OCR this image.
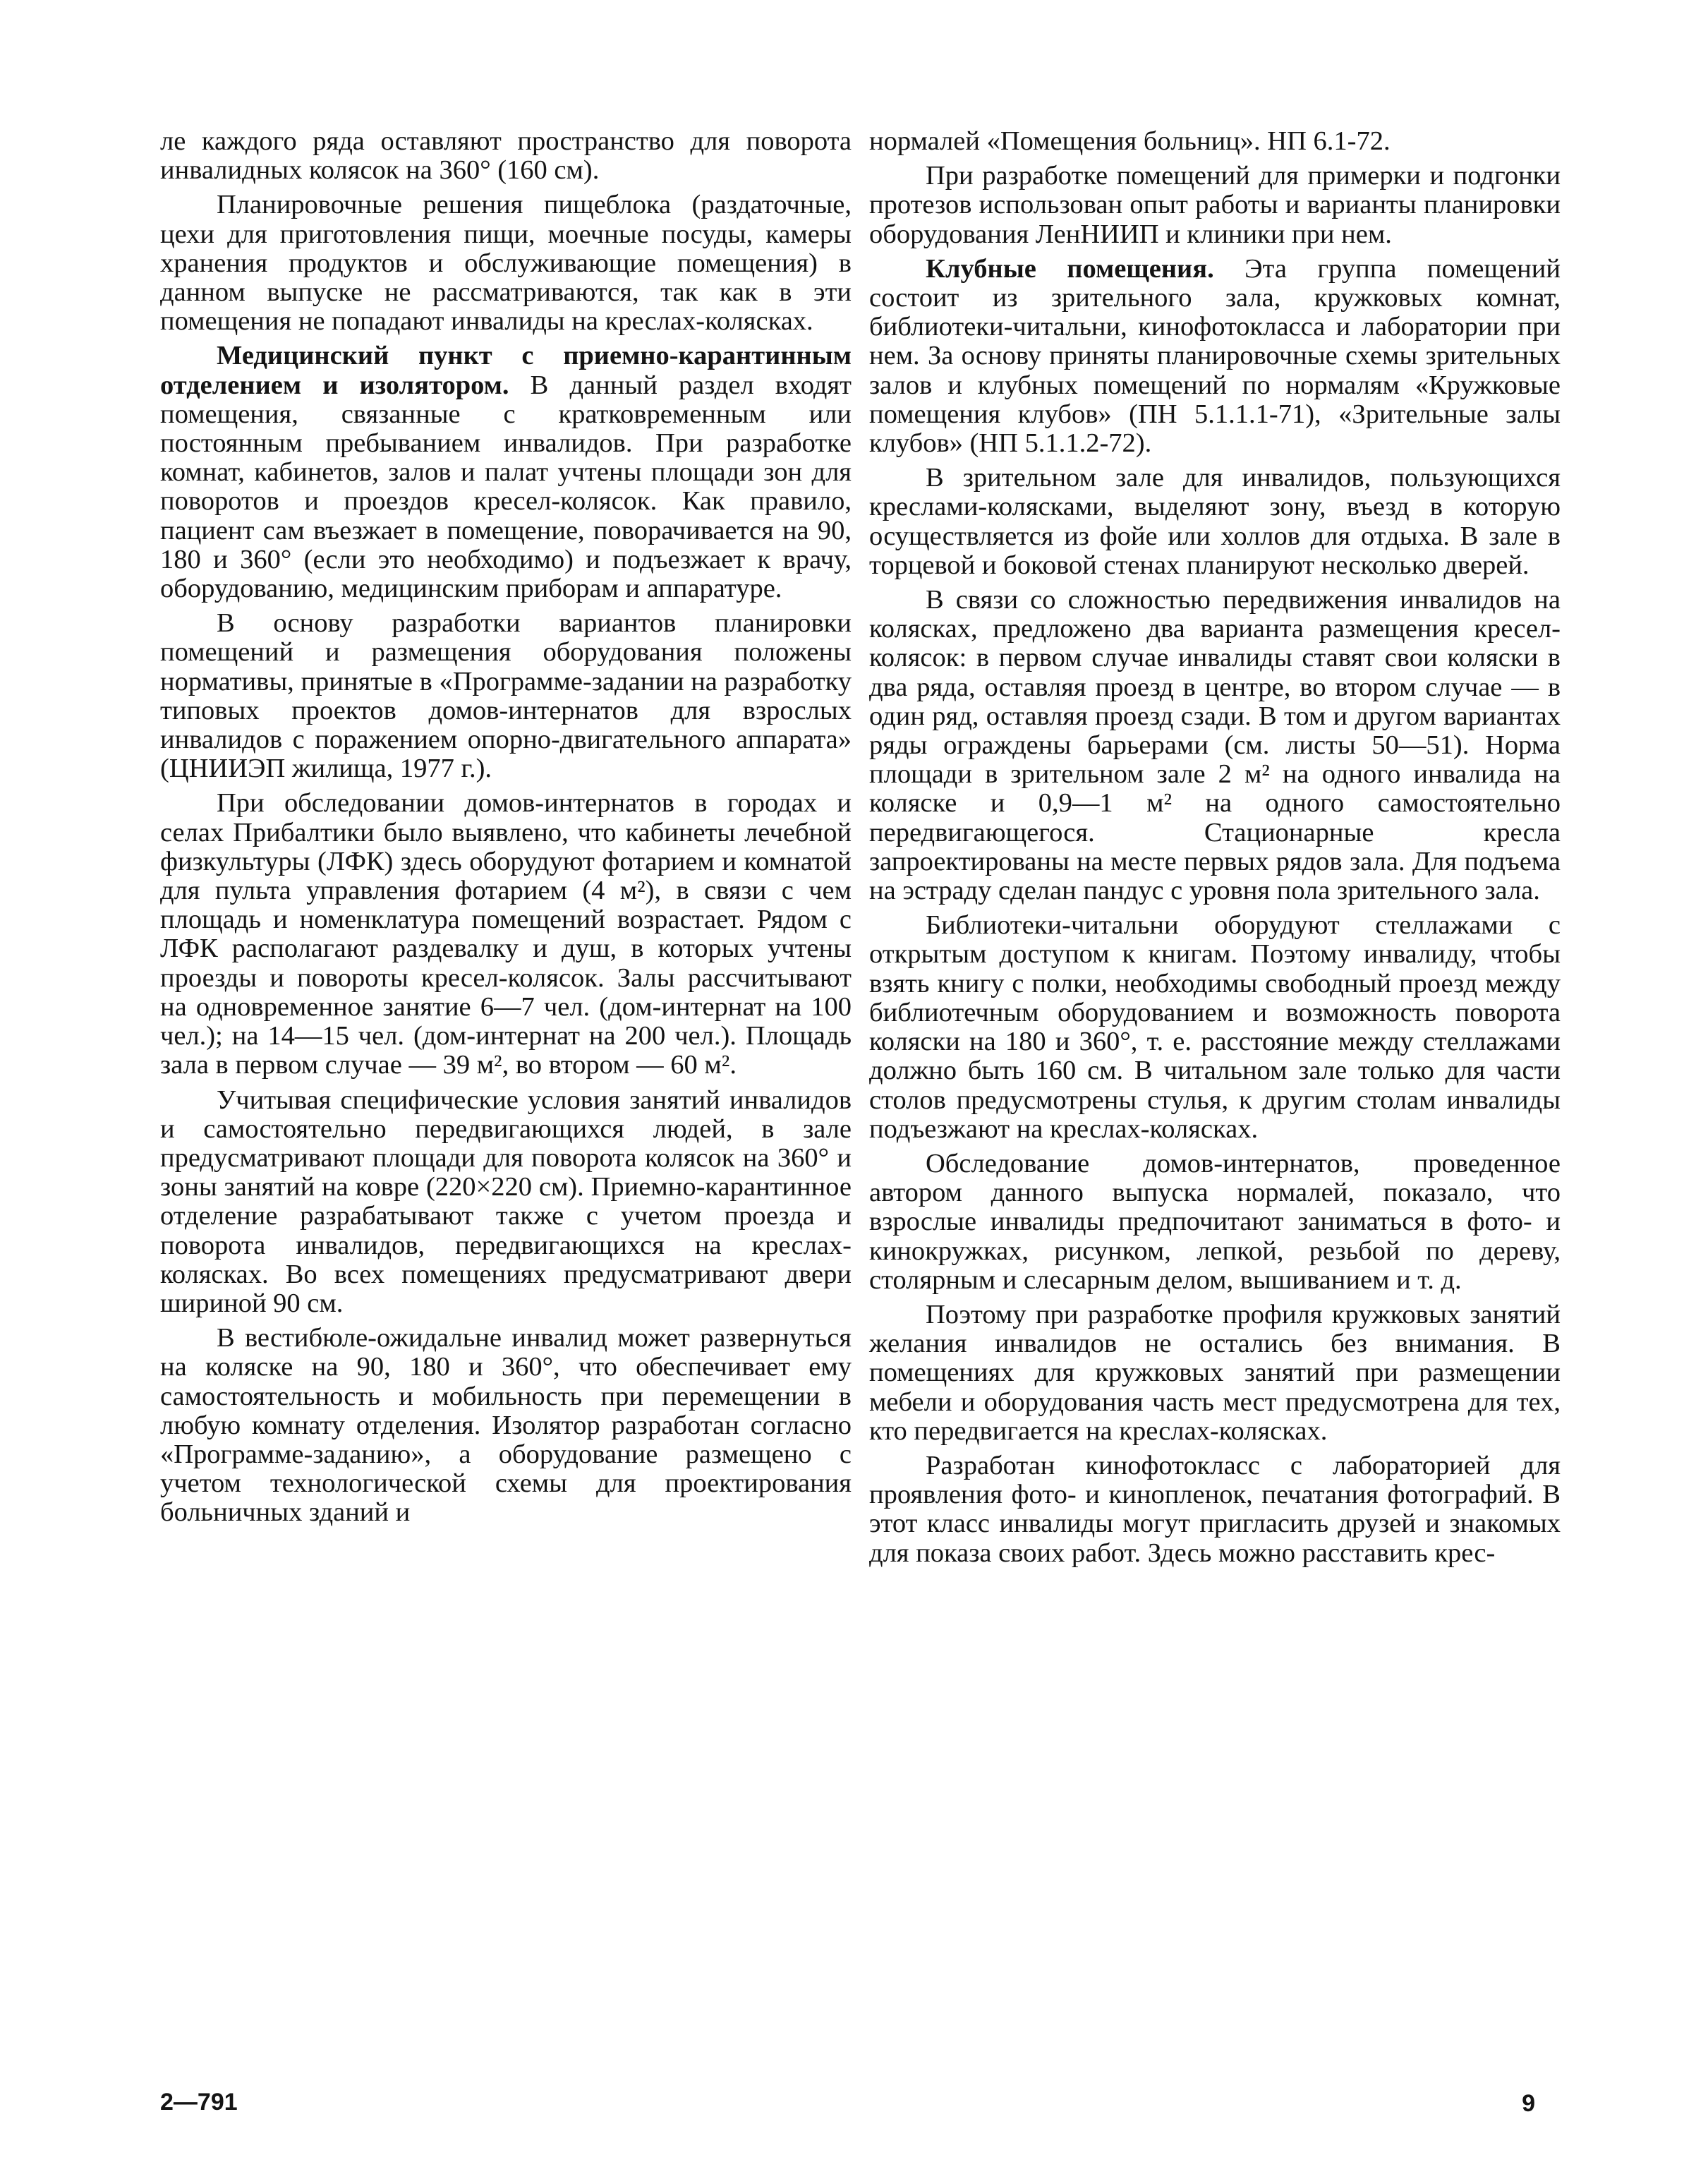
ле каждого ряда оставляют пространство для поворота инвалидных колясок на 360° (160 см).

Планировочные решения пищеблока (раздаточные, цехи для приготовления пищи, моечные посуды, камеры хранения продуктов и обслуживающие помещения) в данном выпуске не рассматриваются, так как в эти помещения не попадают инвалиды на креслах-колясках.

Медицинский пункт с приемно-карантинным отделением и изолятором. В данный раздел входят помещения, связанные с кратковременным или постоянным пребыванием инвалидов. При разработке комнат, кабинетов, залов и палат учтены площади зон для поворотов и проездов кресел-колясок. Как правило, пациент сам въезжает в помещение, поворачивается на 90, 180 и 360° (если это необходимо) и подъезжает к врачу, оборудованию, медицинским приборам и аппаратуре.

В основу разработки вариантов планировки помещений и размещения оборудования положены нормативы, принятые в «Программе-задании на разработку типовых проектов домов-интернатов для взрослых инвалидов с поражением опорно-двигательного аппарата» (ЦНИИЭП жилища, 1977 г.).

При обследовании домов-интернатов в городах и селах Прибалтики было выявлено, что кабинеты лечебной физкультуры (ЛФК) здесь оборудуют фотарием и комнатой для пульта управления фотарием (4 м²), в связи с чем площадь и номенклатура помещений возрастает. Рядом с ЛФК располагают раздевалку и душ, в которых учтены проезды и повороты кресел-колясок. Залы рассчитывают на одновременное занятие 6—7 чел. (дом-интернат на 100 чел.); на 14—15 чел. (дом-интернат на 200 чел.). Площадь зала в первом случае — 39 м², во втором — 60 м².

Учитывая специфические условия занятий инвалидов и самостоятельно передвигающихся людей, в зале предусматривают площади для поворота колясок на 360° и зоны занятий на ковре (220×220 см). Приемно-карантинное отделение разрабатывают также с учетом проезда и поворота инвалидов, передвигающихся на креслах-колясках. Во всех помещениях предусматривают двери шириной 90 см.

В вестибюле-ожидальне инвалид может развернуться на коляске на 90, 180 и 360°, что обеспечивает ему самостоятельность и мобильность при перемещении в любую комнату отделения. Изолятор разработан согласно «Программе-заданию», а оборудование размещено с учетом технологической схемы для проектирования больничных зданий и

нормалей «Помещения больниц». НП 6.1-72.

При разработке помещений для примерки и подгонки протезов использован опыт работы и варианты планировки оборудования ЛенНИИП и клиники при нем.

Клубные помещения. Эта группа помещений состоит из зрительного зала, кружковых комнат, библиотеки-читальни, кинофотокласса и лаборатории при нем. За основу приняты планировочные схемы зрительных залов и клубных помещений по нормалям «Кружковые помещения клубов» (ПН 5.1.1.1-71), «Зрительные залы клубов» (НП 5.1.1.2-72).

В зрительном зале для инвалидов, пользующихся креслами-колясками, выделяют зону, въезд в которую осуществляется из фойе или холлов для отдыха. В зале в торцевой и боковой стенах планируют несколько дверей.

В связи со сложностью передвижения инвалидов на колясках, предложено два варианта размещения кресел-колясок: в первом случае инвалиды ставят свои коляски в два ряда, оставляя проезд в центре, во втором случае — в один ряд, оставляя проезд сзади. В том и другом вариантах ряды ограждены барьерами (см. листы 50—51). Норма площади в зрительном зале 2 м² на одного инвалида на коляске и 0,9—1 м² на одного самостоятельно передвигающегося. Стационарные кресла запроектированы на месте первых рядов зала. Для подъема на эстраду сделан пандус с уровня пола зрительного зала.

Библиотеки-читальни оборудуют стеллажами с открытым доступом к книгам. Поэтому инвалиду, чтобы взять книгу с полки, необходимы свободный проезд между библиотечным оборудованием и возможность поворота коляски на 180 и 360°, т. е. расстояние между стеллажами должно быть 160 см. В читальном зале только для части столов предусмотрены стулья, к другим столам инвалиды подъезжают на креслах-колясках.

Обследование домов-интернатов, проведенное автором данного выпуска нормалей, показало, что взрослые инвалиды предпочитают заниматься в фото- и кинокружках, рисунком, лепкой, резьбой по дереву, столярным и слесарным делом, вышиванием и т. д.

Поэтому при разработке профиля кружковых занятий желания инвалидов не остались без внимания. В помещениях для кружковых занятий при размещении мебели и оборудования часть мест предусмотрена для тех, кто передвигается на креслах-колясках.

Разработан кинофотокласс с лабораторией для проявления фото- и кинопленок, печатания фотографий. В этот класс инвалиды могут пригласить друзей и знакомых для показа своих работ. Здесь можно расставить крес-

2—791	9
